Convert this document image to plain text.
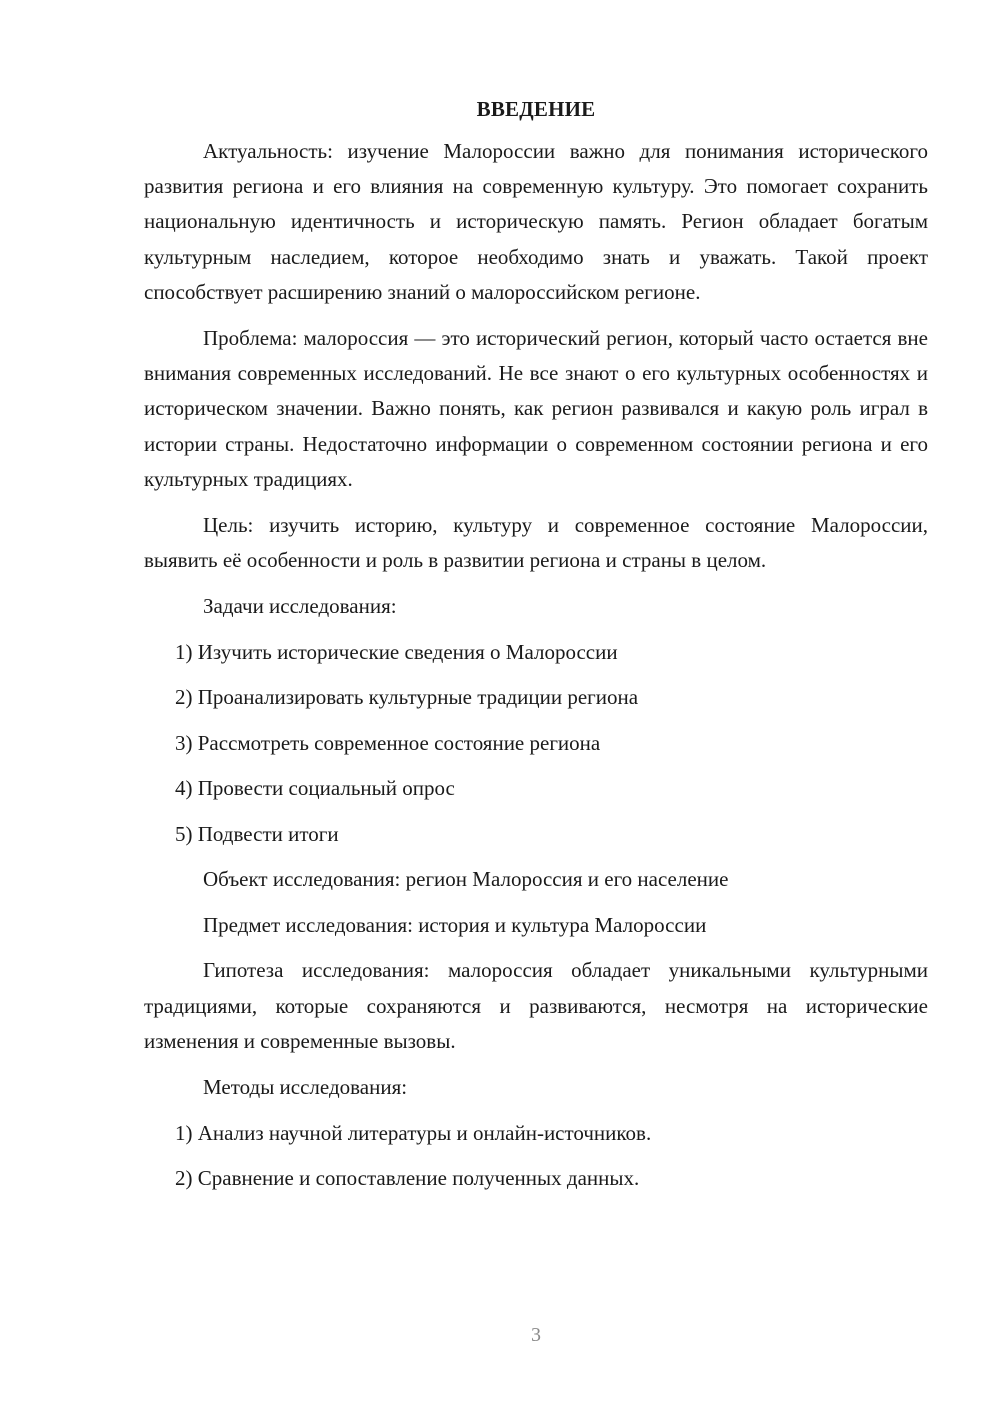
ВВЕДЕНИЕ

Актуальность: изучение Малороссии важно для понимания исторического развития региона и его влияния на современную культуру. Это помогает сохранить национальную идентичность и историческую память. Регион обладает богатым культурным наследием, которое необходимо знать и уважать. Такой проект способствует расширению знаний о малороссийском регионе.

Проблема: малороссия — это исторический регион, который часто остается вне внимания современных исследований. Не все знают о его культурных особенностях и историческом значении. Важно понять, как регион развивался и какую роль играл в истории страны. Недостаточно информации о современном состоянии региона и его культурных традициях.

Цель: изучить историю, культуру и современное состояние Малороссии, выявить её особенности и роль в развитии региона и страны в целом.

Задачи исследования:
1) Изучить исторические сведения о Малороссии
2) Проанализировать культурные традиции региона
3) Рассмотреть современное состояние региона
4) Провести социальный опрос
5) Подвести итоги
Объект исследования: регион Малороссия и его население
Предмет исследования: история и культура Малороссии

Гипотеза исследования: малороссия обладает уникальными культурными традициями, которые сохраняются и развиваются, несмотря на исторические изменения и современные вызовы.

Методы исследования:
1) Анализ научной литературы и онлайн-источников.
2) Сравнение и сопоставление полученных данных.
3
